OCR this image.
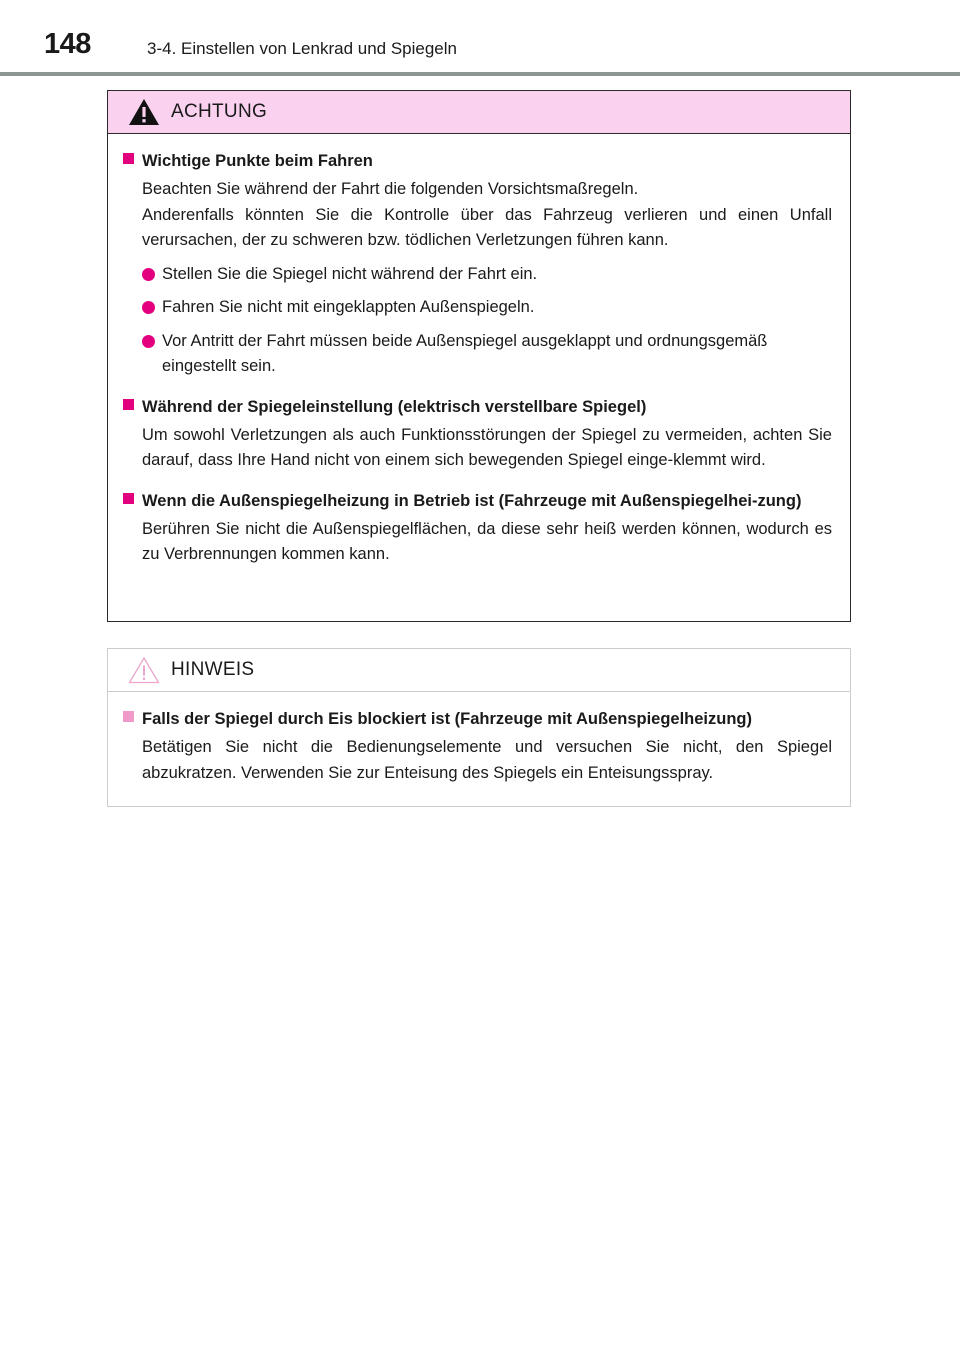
148	3-4. Einstellen von Lenkrad und Spiegeln
ACHTUNG
Wichtige Punkte beim Fahren
Beachten Sie während der Fahrt die folgenden Vorsichtsmaßregeln.
Anderenfalls könnten Sie die Kontrolle über das Fahrzeug verlieren und einen Unfall verursachen, der zu schweren bzw. tödlichen Verletzungen führen kann.
Stellen Sie die Spiegel nicht während der Fahrt ein.
Fahren Sie nicht mit eingeklappten Außenspiegeln.
Vor Antritt der Fahrt müssen beide Außenspiegel ausgeklappt und ordnungsgemäß eingestellt sein.
Während der Spiegeleinstellung (elektrisch verstellbare Spiegel)
Um sowohl Verletzungen als auch Funktionsstörungen der Spiegel zu vermeiden, achten Sie darauf, dass Ihre Hand nicht von einem sich bewegenden Spiegel einge-klemmt wird.
Wenn die Außenspiegelheizung in Betrieb ist (Fahrzeuge mit Außenspiegelhei-zung)
Berühren Sie nicht die Außenspiegelflächen, da diese sehr heiß werden können, wodurch es zu Verbrennungen kommen kann.
HINWEIS
Falls der Spiegel durch Eis blockiert ist (Fahrzeuge mit Außenspiegelheizung)
Betätigen Sie nicht die Bedienungselemente und versuchen Sie nicht, den Spiegel abzukratzen. Verwenden Sie zur Enteisung des Spiegels ein Enteisungsspray.
